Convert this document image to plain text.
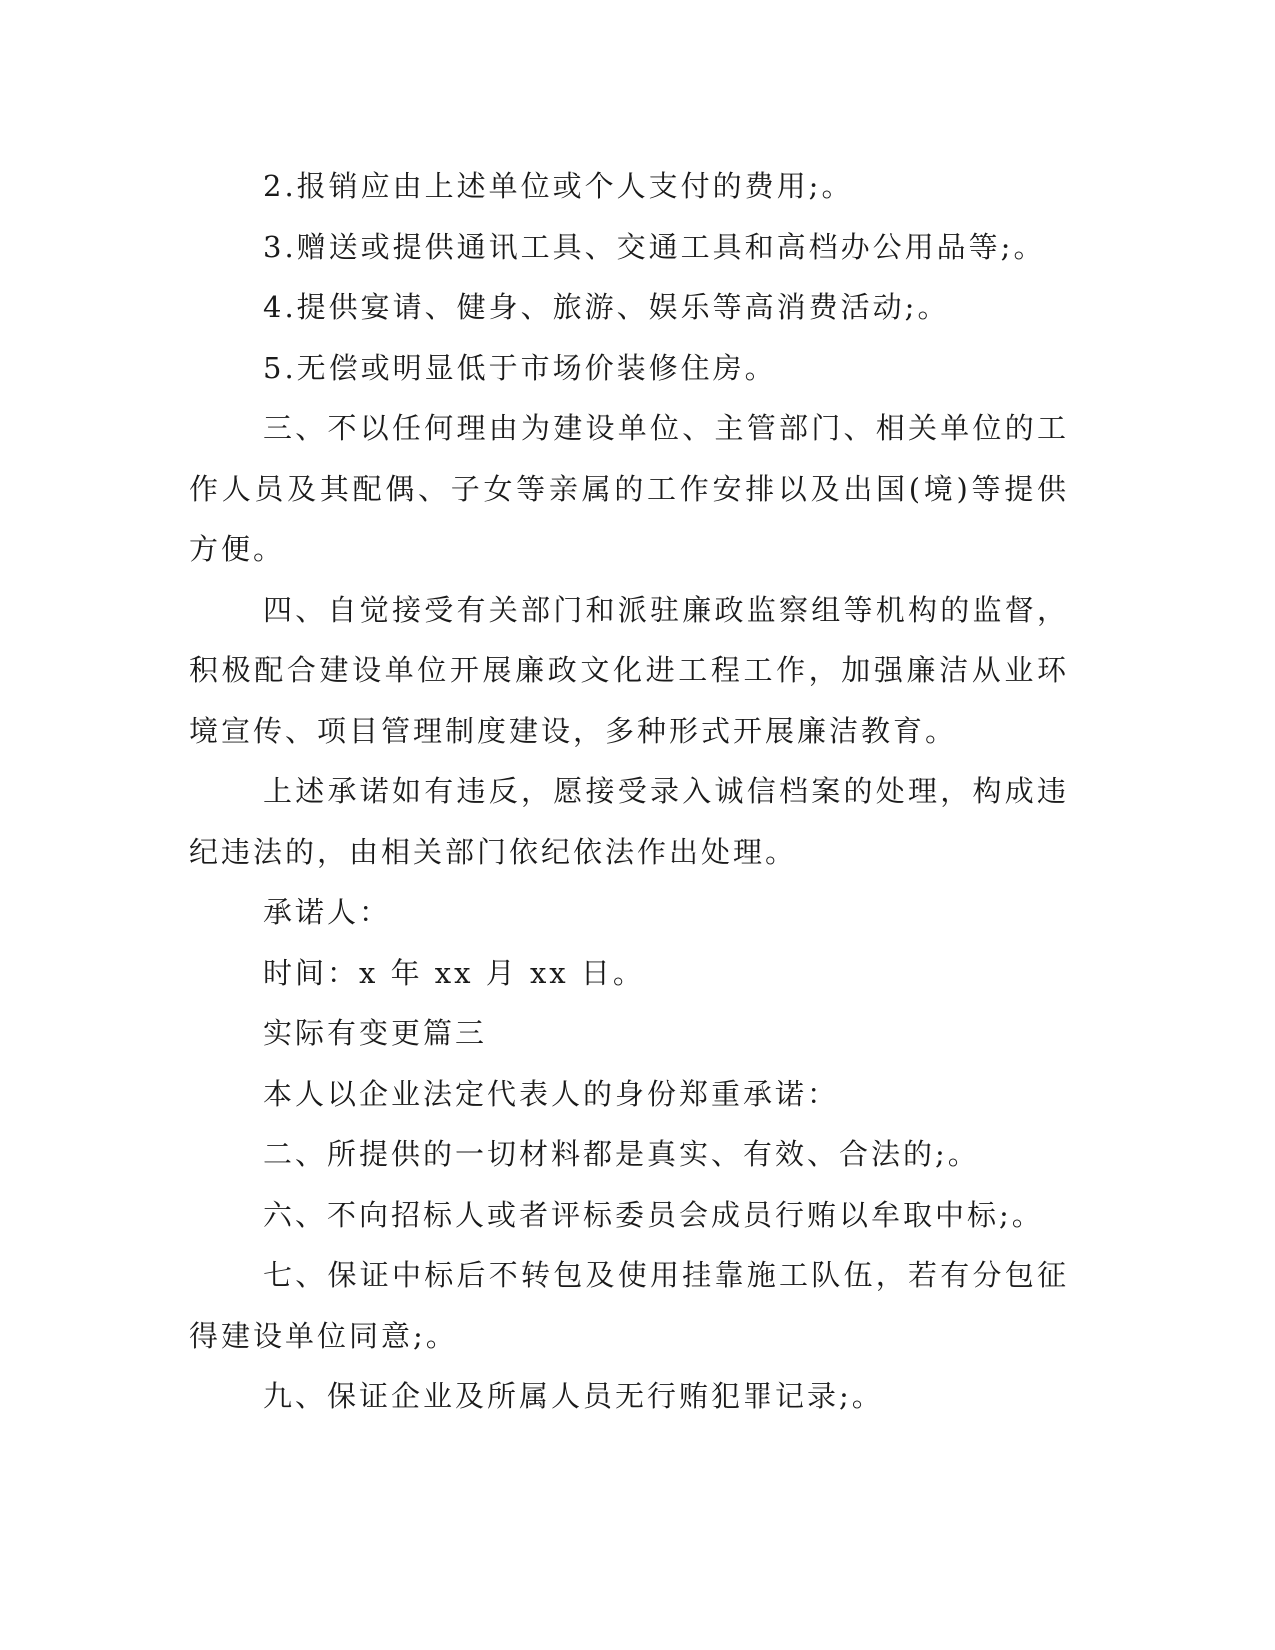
2.报销应由上述单位或个人支付的费用;。

3.赠送或提供通讯工具、交通工具和高档办公用品等;。

4.提供宴请、健身、旅游、娱乐等高消费活动;。

5.无偿或明显低于市场价装修住房。

三、不以任何理由为建设单位、主管部门、相关单位的工作人员及其配偶、子女等亲属的工作安排以及出国(境)等提供方便。

四、自觉接受有关部门和派驻廉政监察组等机构的监督，积极配合建设单位开展廉政文化进工程工作，加强廉洁从业环境宣传、项目管理制度建设，多种形式开展廉洁教育。

上述承诺如有违反，愿接受录入诚信档案的处理，构成违纪违法的，由相关部门依纪依法作出处理。

承诺人：

时间：x 年 xx 月 xx 日。

实际有变更篇三

本人以企业法定代表人的身份郑重承诺：

二、所提供的一切材料都是真实、有效、合法的;。

六、不向招标人或者评标委员会成员行贿以牟取中标;。

七、保证中标后不转包及使用挂靠施工队伍，若有分包征得建设单位同意;。

九、保证企业及所属人员无行贿犯罪记录;。
